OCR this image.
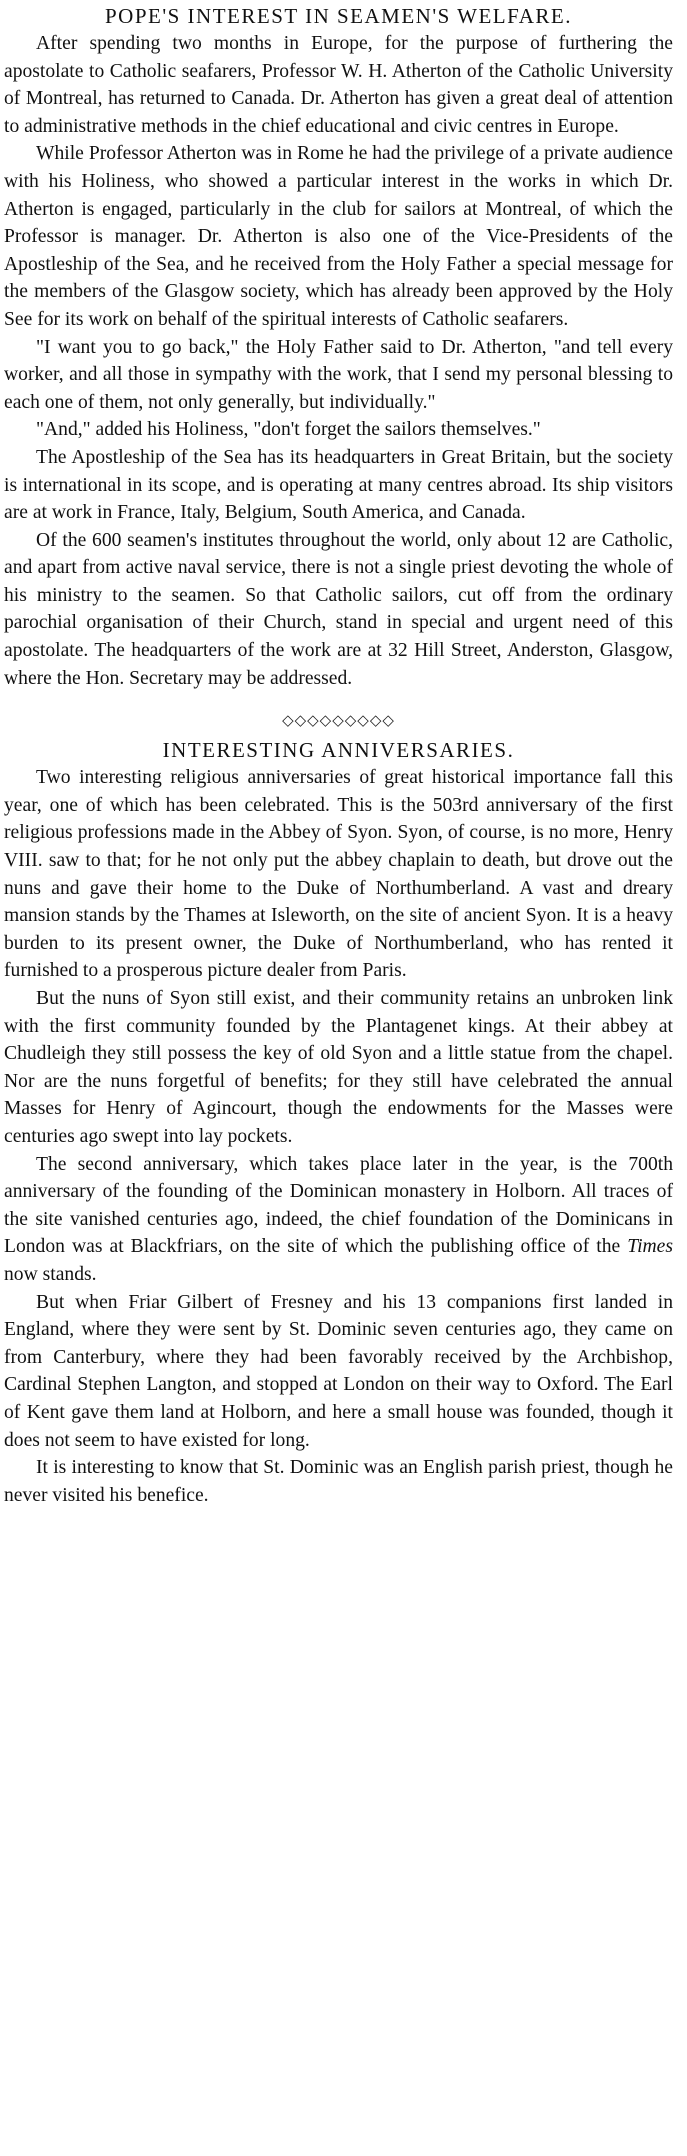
POPE'S INTEREST IN SEAMEN'S WELFARE.

After spending two months in Europe, for the purpose of furthering the apostolate to Catholic seafarers, Professor W. H. Atherton of the Catholic University of Montreal, has returned to Canada. Dr. Atherton has given a great deal of attention to administrative methods in the chief educational and civic centres in Europe.

While Professor Atherton was in Rome he had the privilege of a private audience with his Holiness, who showed a particular interest in the works in which Dr. Atherton is engaged, particularly in the club for sailors at Montreal, of which the Professor is manager. Dr. Atherton is also one of the Vice-Presidents of the Apostleship of the Sea, and he received from the Holy Father a special message for the members of the Glasgow society, which has already been approved by the Holy See for its work on behalf of the spiritual interests of Catholic seafarers.

"I want you to go back," the Holy Father said to Dr. Atherton, "and tell every worker, and all those in sympathy with the work, that I send my personal blessing to each one of them, not only generally, but individually."

"And," added his Holiness, "don't forget the sailors themselves."

The Apostleship of the Sea has its headquarters in Great Britain, but the society is international in its scope, and is operating at many centres abroad. Its ship visitors are at work in France, Italy, Belgium, South America, and Canada.

Of the 600 seamen's institutes throughout the world, only about 12 are Catholic, and apart from active naval service, there is not a single priest devoting the whole of his ministry to the seamen. So that Catholic sailors, cut off from the ordinary parochial organisation of their Church, stand in special and urgent need of this apostolate. The headquarters of the work are at 32 Hill Street, Anderston, Glasgow, where the Hon. Secretary may be addressed.

◇◇◇◇◇◇◇◇◇
INTERESTING ANNIVERSARIES.

Two interesting religious anniversaries of great historical importance fall this year, one of which has been celebrated. This is the 503rd anniversary of the first religious professions made in the Abbey of Syon. Syon, of course, is no more, Henry VIII. saw to that; for he not only put the abbey chaplain to death, but drove out the nuns and gave their home to the Duke of Northumberland. A vast and dreary mansion stands by the Thames at Isleworth, on the site of ancient Syon. It is a heavy burden to its present owner, the Duke of Northumberland, who has rented it furnished to a prosperous picture dealer from Paris.

But the nuns of Syon still exist, and their community retains an unbroken link with the first community founded by the Plantagenet kings. At their abbey at Chudleigh they still possess the key of old Syon and a little statue from the chapel. Nor are the nuns forgetful of benefits; for they still have celebrated the annual Masses for Henry of Agincourt, though the endowments for the Masses were centuries ago swept into lay pockets.

The second anniversary, which takes place later in the year, is the 700th anniversary of the founding of the Dominican monastery in Holborn. All traces of the site vanished centuries ago, indeed, the chief foundation of the Dominicans in London was at Blackfriars, on the site of which the publishing office of the Times now stands.

But when Friar Gilbert of Fresney and his 13 companions first landed in England, where they were sent by St. Dominic seven centuries ago, they came on from Canterbury, where they had been favorably received by the Archbishop, Cardinal Stephen Langton, and stopped at London on their way to Oxford. The Earl of Kent gave them land at Holborn, and here a small house was founded, though it does not seem to have existed for long.

It is interesting to know that St. Dominic was an English parish priest, though he never visited his benefice.
